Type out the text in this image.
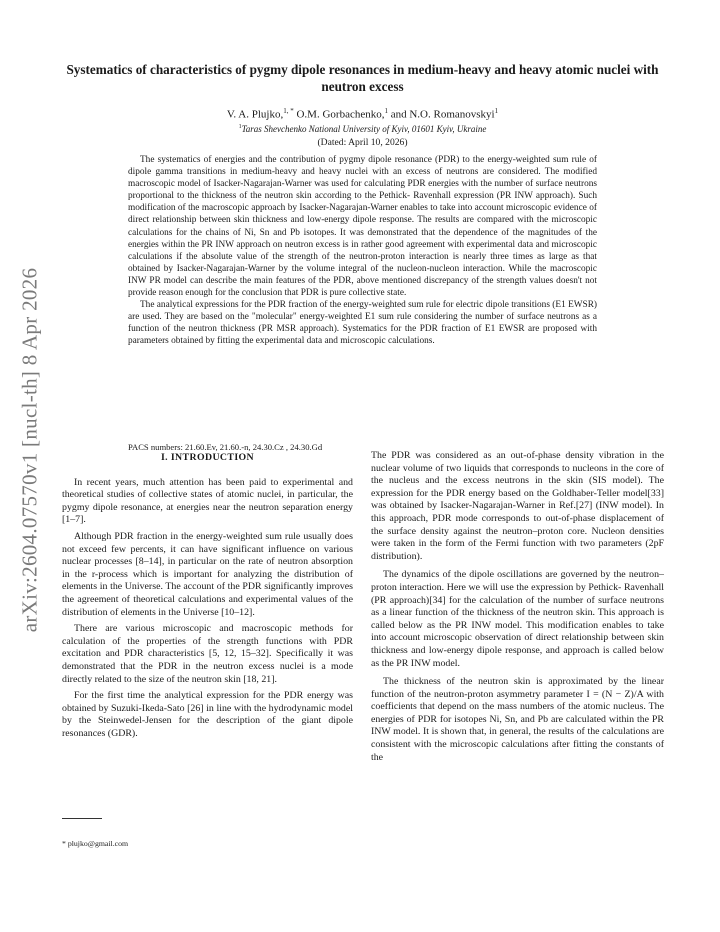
arXiv:2604.07570v1 [nucl-th] 8 Apr 2026
Systematics of characteristics of pygmy dipole resonances in medium-heavy and heavy atomic nuclei with neutron excess
V. A. Plujko,$^{1, *}$ O.M. Gorbachenko,$^1$ and N.O. Romanovskyi$^1$
$^1$Taras Shevchenko National University of Kyiv, 01601 Kyiv, Ukraine
(Dated: April 10, 2026)

The systematics of energies and the contribution of pygmy dipole resonance (PDR) to the energy-weighted sum rule of dipole gamma transitions in medium-heavy and heavy nuclei with an excess of neutrons are considered. The modified macroscopic model of Isacker-Nagarajan-Warner was used for calculating PDR energies with the number of surface neutrons proportional to the thickness of the neutron skin according to the Pethick- Ravenhall expression (PR INW approach). Such modification of the macroscopic approach by Isacker-Nagarajan-Warner enables to take into account microscopic evidence of direct relationship between skin thickness and low-energy dipole response. The results are compared with the microscopic calculations for the chains of Ni, Sn and Pb isotopes. It was demonstrated that the dependence of the magnitudes of the energies within the PR INW approach on neutron excess is in rather good agreement with experimental data and microscopic calculations if the absolute value of the strength of the neutron-proton interaction is nearly three times as large as that obtained by Isacker-Nagarajan-Warner by the volume integral of the nucleon-nucleon interaction. While the macroscopic INW PR model can describe the main features of the PDR, above mentioned discrepancy of the strength values doesn't not provide reason enough for the conclusion that PDR is pure collective state.

The analytical expressions for the PDR fraction of the energy-weighted sum rule for electric dipole transitions (E1 EWSR) are used. They are based on the "molecular" energy-weighted E1 sum rule considering the number of surface neutrons as a function of the neutron thickness (PR MSR approach). Systematics for the PDR fraction of E1 EWSR are proposed with parameters obtained by fitting the experimental data and microscopic calculations.

PACS numbers: 21.60.Ev, 21.60.-n, 24.30.Cz , 24.30.Gd
I. INTRODUCTION

In recent years, much attention has been paid to experimental and theoretical studies of collective states of atomic nuclei, in particular, the pygmy dipole resonance, at energies near the neutron separation energy [1–7].

Although PDR fraction in the energy-weighted sum rule usually does not exceed few percents, it can have significant influence on various nuclear processes [8–14], in particular on the rate of neutron absorption in the r-process which is important for analyzing the distribution of elements in the Universe. The account of the PDR significantly improves the agreement of theoretical calculations and experimental values of the distribution of elements in the Universe [10–12].

There are various microscopic and macroscopic methods for calculation of the properties of the strength functions with PDR excitation and PDR characteristics [5, 12, 15–32]. Specifically it was demonstrated that the PDR in the neutron excess nuclei is a mode directly related to the size of the neutron skin [18, 21].

For the first time the analytical expression for the PDR energy was obtained by Suzuki-Ikeda-Sato [26] in line with the hydrodynamic model by the Steinwedel-Jensen for the description of the giant dipole resonances (GDR).

The PDR was considered as an out-of-phase density vibration in the nuclear volume of two liquids that corresponds to nucleons in the core of the nucleus and the excess neutrons in the skin (SIS model). The expression for the PDR energy based on the Goldhaber-Teller model[33] was obtained by Isacker-Nagarajan-Warner in Ref.[27] (INW model). In this approach, PDR mode corresponds to out-of-phase displacement of the surface density against the neutron–proton core. Nucleon densities were taken in the form of the Fermi function with two parameters (2pF distribution).

The dynamics of the dipole oscillations are governed by the neutron–proton interaction. Here we will use the expression by Pethick- Ravenhall (PR approach)[34] for the calculation of the number of surface neutrons as a linear function of the thickness of the neutron skin. This approach is called below as the PR INW model. This modification enables to take into account microscopic observation of direct relationship between skin thickness and low-energy dipole response, and approach is called below as the PR INW model.

The thickness of the neutron skin is approximated by the linear function of the neutron-proton asymmetry parameter I = (N − Z)/A with coefficients that depend on the mass numbers of the atomic nucleus. The energies of PDR for isotopes Ni, Sn, and Pb are calculated within the PR INW model. It is shown that, in general, the results of the calculations are consistent with the microscopic calculations after fitting the constants of the

* plujko@gmail.com
